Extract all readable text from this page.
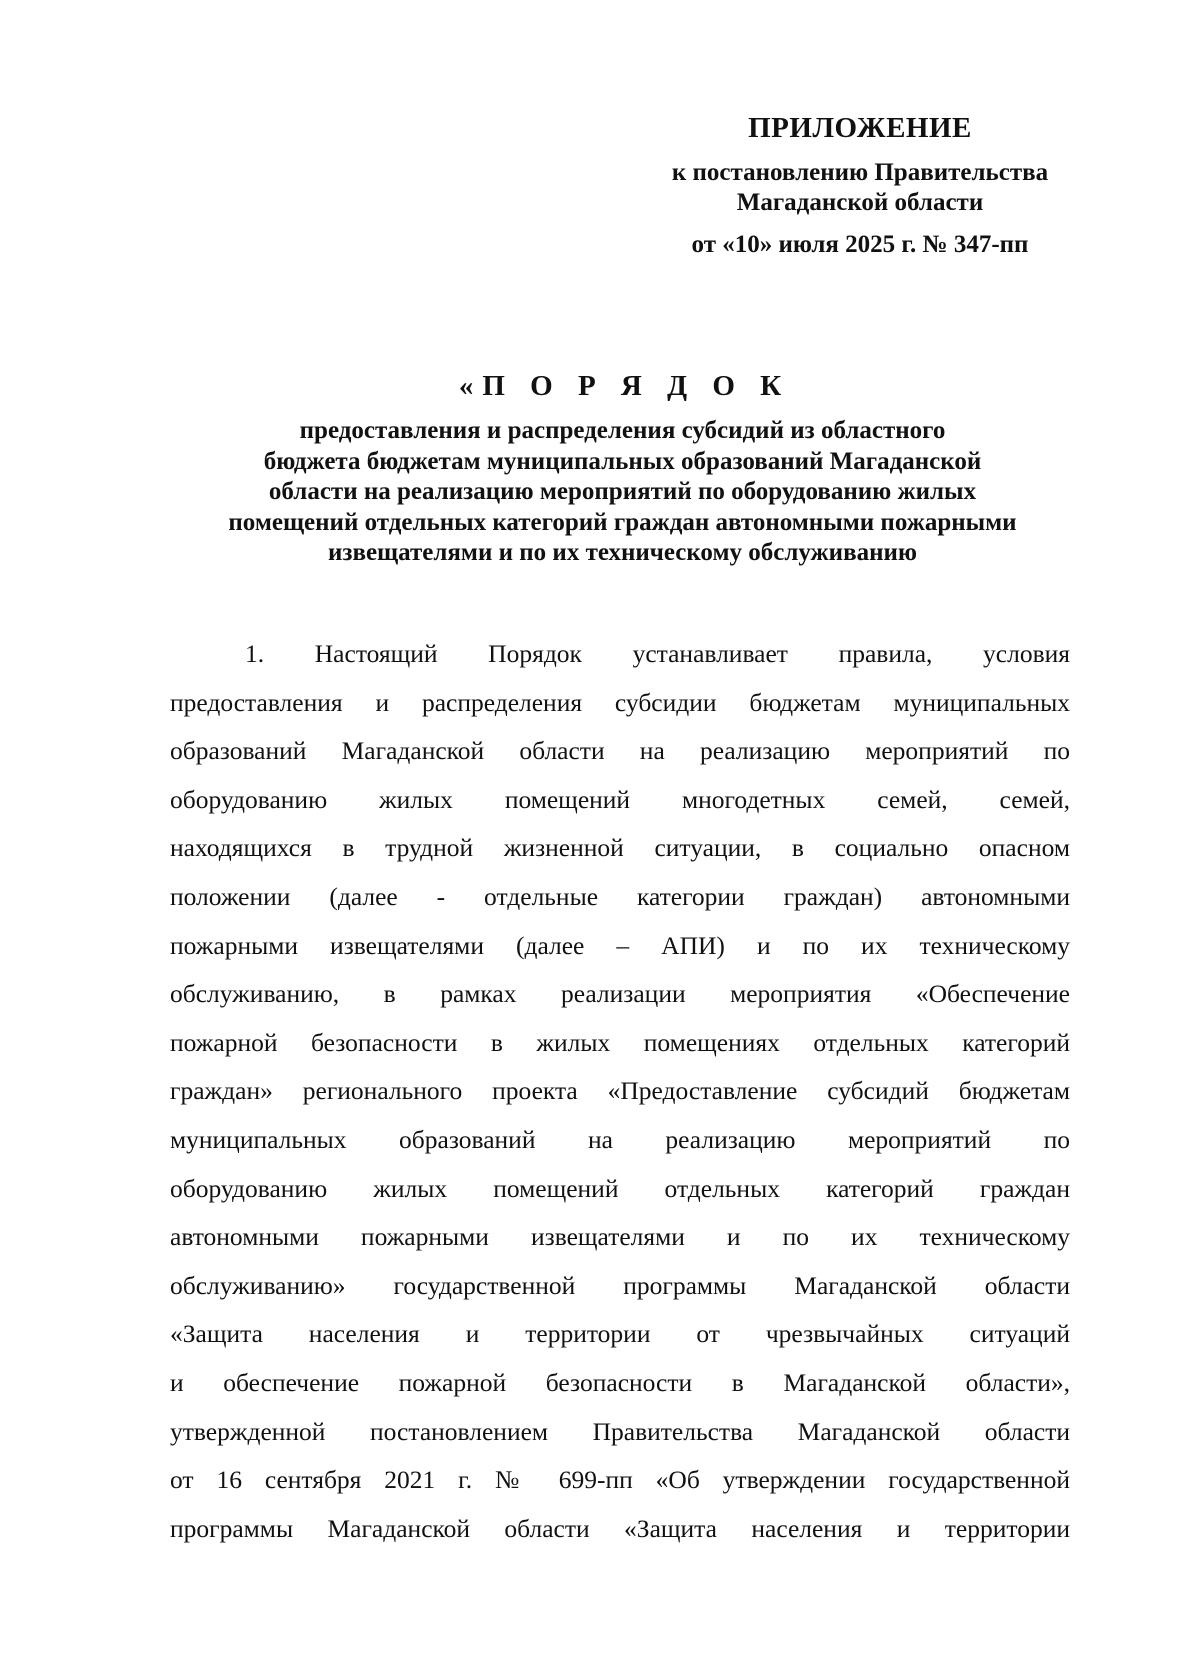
ПРИЛОЖЕНИЕ
к постановлению Правительства
Магаданской области
от «10» июля 2025 г. № 347-пп
«П О Р Я Д О К
предоставления и распределения субсидий из областного
бюджета бюджетам муниципальных образований Магаданской
области на реализацию мероприятий по оборудованию жилых
помещений отдельных категорий граждан автономными пожарными
извещателями и по их техническому обслуживанию
1. Настоящий Порядок устанавливает правила, условия
предоставления и распределения субсидии бюджетам муниципальных
образований Магаданской области на реализацию мероприятий по
оборудованию жилых помещений многодетных семей, семей,
находящихся в трудной жизненной ситуации, в социально опасном
положении (далее - отдельные категории граждан) автономными
пожарными извещателями (далее – АПИ) и по их техническому
обслуживанию, в рамках реализации мероприятия «Обеспечение
пожарной безопасности в жилых помещениях отдельных категорий
граждан» регионального проекта «Предоставление субсидий бюджетам
муниципальных образований на реализацию мероприятий по
оборудованию жилых помещений отдельных категорий граждан
автономными пожарными извещателями и по их техническому
обслуживанию» государственной программы Магаданской области
«Защита населения и территории от чрезвычайных ситуаций
и обеспечение пожарной безопасности в Магаданской области»,
утвержденной постановлением Правительства Магаданской области
от 16 сентября 2021 г. № 699-пп «Об утверждении государственной
программы Магаданской области «Защита населения и территории
